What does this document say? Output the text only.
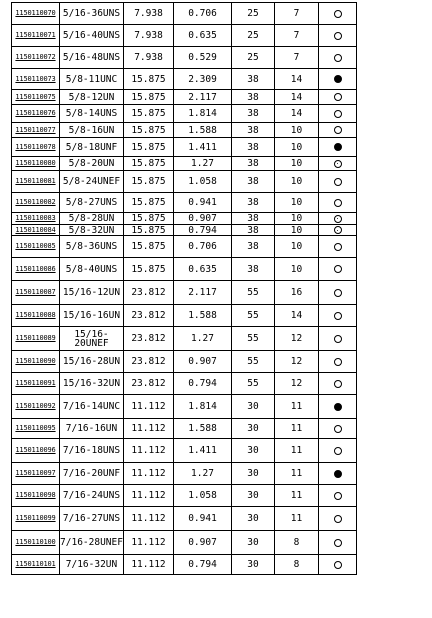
1150110070	5/16-36UNS	7.938	0.706	25	7	
1150110071	5/16-40UNS	7.938	0.635	25	7	
1150110072	5/16-48UNS	7.938	0.529	25	7	
1150110073	5/8-11UNC	15.875	2.309	38	14	
1150110075	5/8-12UN	15.875	2.117	38	14	
1150110076	5/8-14UNS	15.875	1.814	38	14	
1150110077	5/8-16UN	15.875	1.588	38	10	
1150110078	5/8-18UNF	15.875	1.411	38	10	
1150110080	5/8-20UN	15.875	1.27	38	10	
1150110081	5/8-24UNEF	15.875	1.058	38	10	
1150110082	5/8-27UNS	15.875	0.941	38	10	
1150110083	5/8-28UN	15.875	0.907	38	10	
1150110084	5/8-32UN	15.875	0.794	38	10	
1150110085	5/8-36UNS	15.875	0.706	38	10	
1150110086	5/8-40UNS	15.875	0.635	38	10	
1150110087	15/16-12UN	23.812	2.117	55	16	
1150110088	15/16-16UN	23.812	1.588	55	14	
1150110089	15/16-20UNEF	23.812	1.27	55	12	
1150110090	15/16-28UN	23.812	0.907	55	12	
1150110091	15/16-32UN	23.812	0.794	55	12	
1150110092	7/16-14UNC	11.112	1.814	30	11	
1150110095	7/16-16UN	11.112	1.588	30	11	
1150110096	7/16-18UNS	11.112	1.411	30	11	
1150110097	7/16-20UNF	11.112	1.27	30	11	
1150110098	7/16-24UNS	11.112	1.058	30	11	
1150110099	7/16-27UNS	11.112	0.941	30	11	
1150110100	7/16-28UNEF	11.112	0.907	30	8	
1150110101	7/16-32UN	11.112	0.794	30	8	
